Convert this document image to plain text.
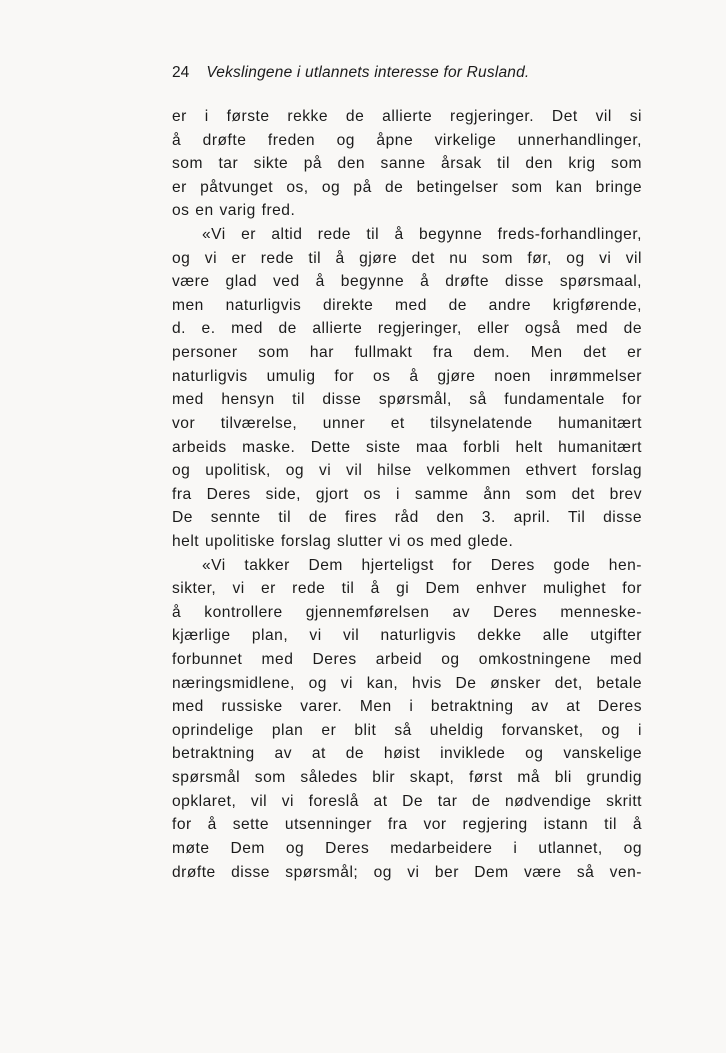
24 Vekslingene i utlannets interesse for Rusland.
er i første rekke de allierte regjeringer. Det vil si
å drøfte freden og åpne virkelige unnerhandlinger,
som tar sikte på den sanne årsak til den krig som
er påtvunget os, og på de betingelser som kan bringe
os en varig fred.
«Vi er altid rede til å begynne freds-forhandlinger,
og vi er rede til å gjøre det nu som før, og vi vil
være glad ved å begynne å drøfte disse spørsmaal,
men naturligvis direkte med de andre krigførende,
d. e. med de allierte regjeringer, eller også med de
personer som har fullmakt fra dem. Men det er
naturligvis umulig for os å gjøre noen inrømmelser
med hensyn til disse spørsmål, så fundamentale for
vor tilværelse, unner et tilsynelatende humanitært
arbeids maske. Dette siste maa forbli helt humanitært
og upolitisk, og vi vil hilse velkommen ethvert forslag
fra Deres side, gjort os i samme ånn som det brev
De sennte til de fires råd den 3. april. Til disse
helt upolitiske forslag slutter vi os med glede.
«Vi takker Dem hjerteligst for Deres gode hen-
sikter, vi er rede til å gi Dem enhver mulighet for
å kontrollere gjennemførelsen av Deres menneske-
kjærlige plan, vi vil naturligvis dekke alle utgifter
forbunnet med Deres arbeid og omkostningene med
næringsmidlene, og vi kan, hvis De ønsker det, betale
med russiske varer. Men i betraktning av at Deres
oprindelige plan er blit så uheldig forvansket, og i
betraktning av at de høist invikledе og vanskelige
spørsmål som således blir skapt, først må bli grundig
opklaret, vil vi foreslå at De tar de nødvendige skritt
for å sette utsenninger fra vor regjering istann til å
møte Dem og Deres medarbeidere i utlannet, og
drøfte disse spørsmål; og vi ber Dem være så ven-
